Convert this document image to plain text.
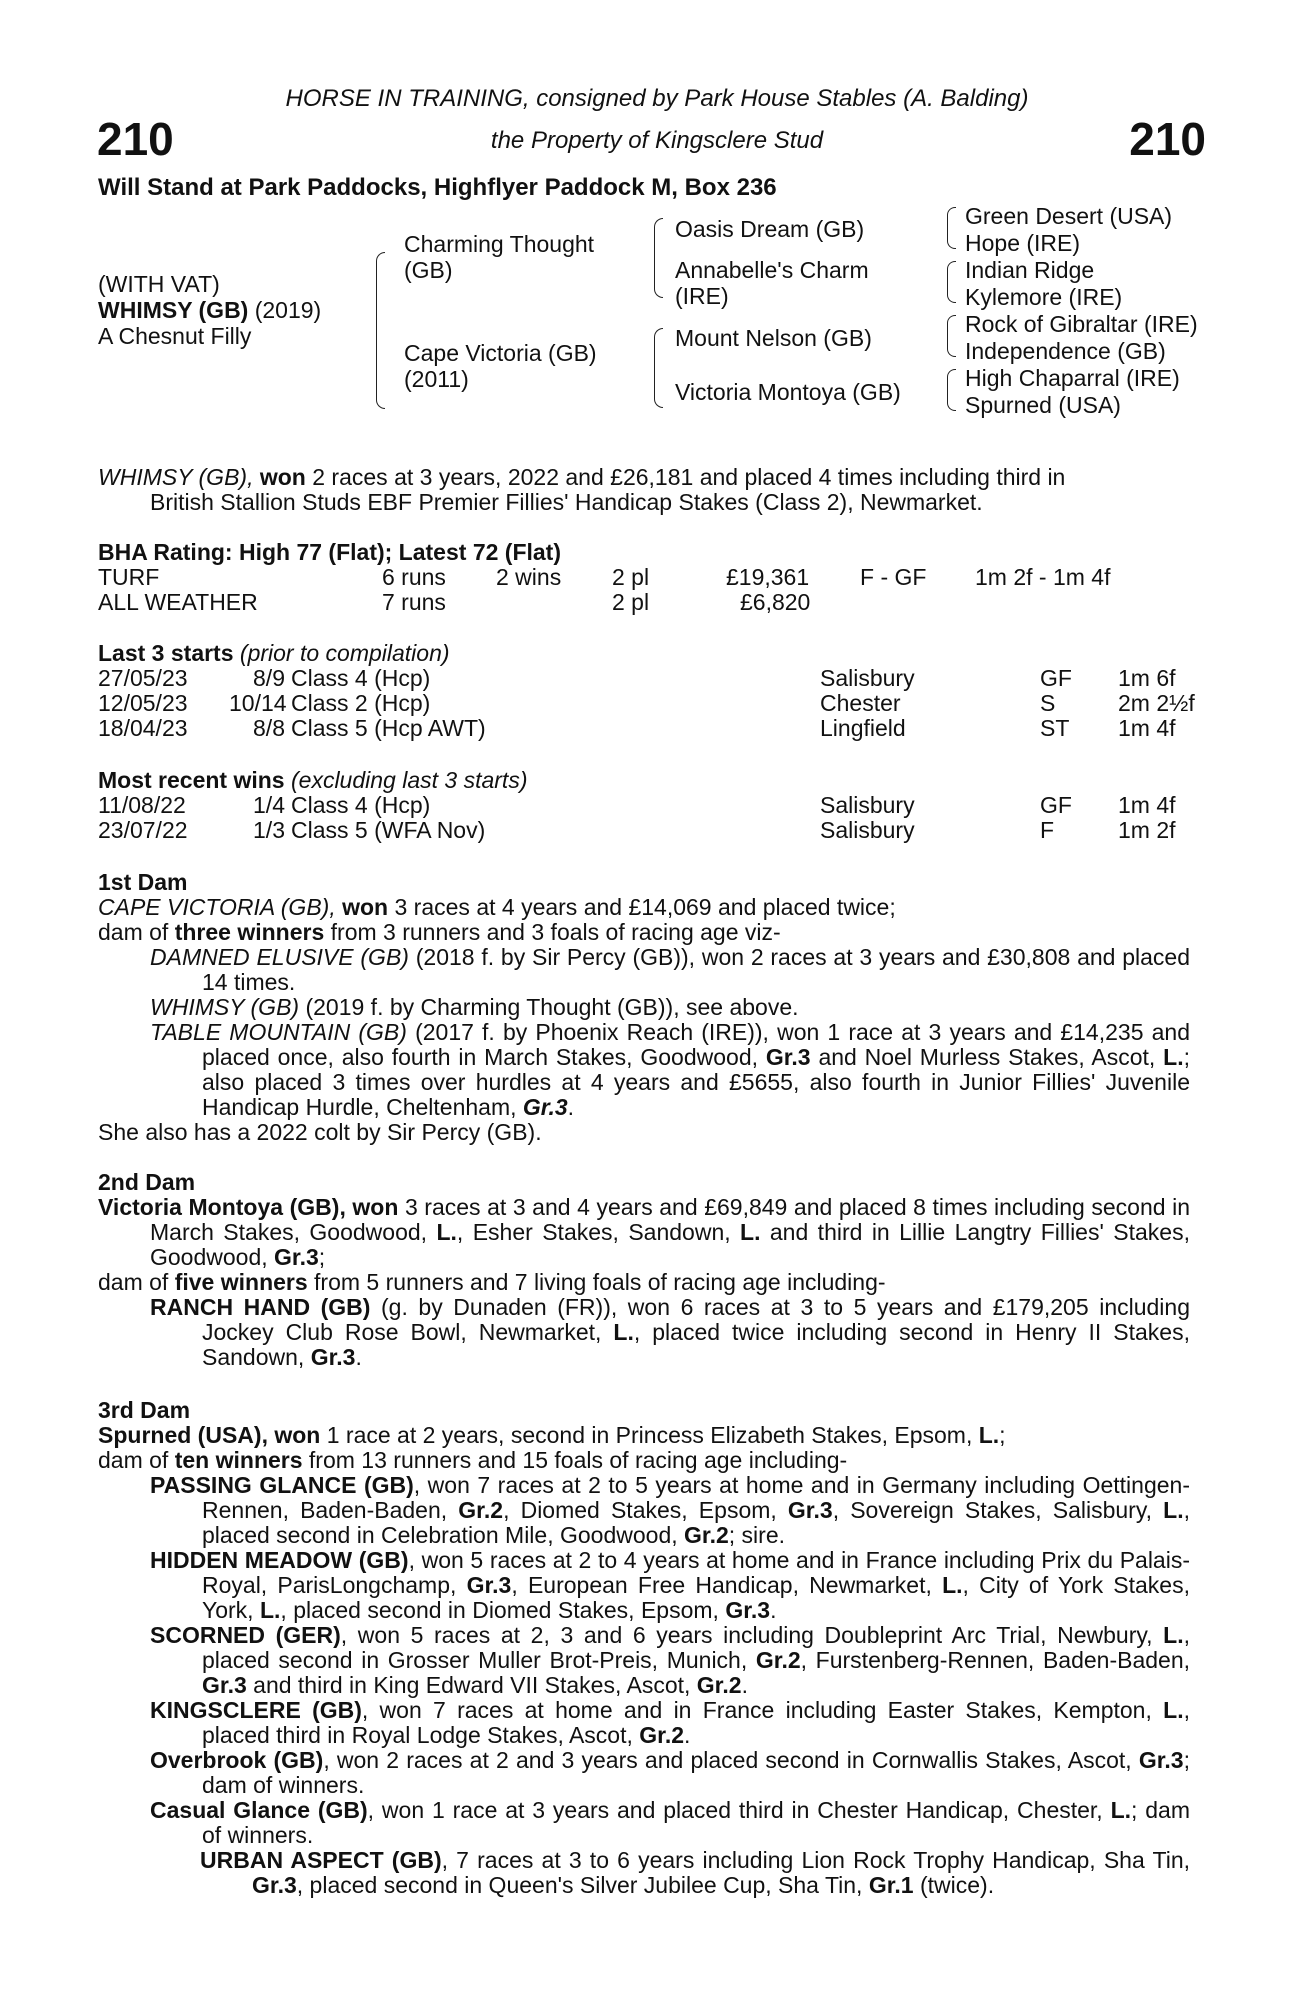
210	210
HORSE IN TRAINING, consigned by Park House Stables (A. Balding)
the Property of Kingsclere Stud
Will Stand at Park Paddocks, Highflyer Paddock M, Box 236
(WITH VAT)
WHIMSY (GB) (2019)
A Chesnut Filly
Charming Thought
(GB)
Cape Victoria (GB)
(2011)
Oasis Dream (GB)
Annabelle's Charm
(IRE)
Mount Nelson (GB)
Victoria Montoya (GB)
Green Desert (USA)
Hope (IRE)
Indian Ridge
Kylemore (IRE)
Rock of Gibraltar (IRE)
Independence (GB)
High Chaparral (IRE)
Spurned (USA)

WHIMSY (GB), won 2 races at 3 years, 2022 and £26,181 and placed 4 times including third in

British Stallion Studs EBF Premier Fillies' Handicap Stakes (Class 2), Newmarket.

BHA Rating: High 77 (Flat); Latest 72 (Flat)

TURF	6 runs 2 wins 2 pl	£19,361 F - GF 1m 2f - 1m 4f
ALL WEATHER	7 runs	2 pl	£6,820

Last 3 starts (prior to compilation)

27/05/23	8/9 Class 4 (Hcp)	Salisbury	GF 1m 6f
12/05/23 10/14 Class 2 (Hcp)	Chester	S	2m 2½f
18/04/23	8/8 Class 5 (Hcp AWT)	Lingfield	ST 1m 4f

Most recent wins (excluding last 3 starts)

11/08/22	1/4 Class 4 (Hcp)	Salisbury	GF 1m 4f
23/07/22	1/3 Class 5 (WFA Nov)	Salisbury	F	1m 2f

1st Dam

CAPE VICTORIA (GB), won 3 races at 4 years and £14,069 and placed twice;

dam of three winners from 3 runners and 3 foals of racing age viz-

DAMNED ELUSIVE (GB) (2018 f. by Sir Percy (GB)), won 2 races at 3 years and £30,808 and placed 14 times.

WHIMSY (GB) (2019 f. by Charming Thought (GB)), see above.

TABLE MOUNTAIN (GB) (2017 f. by Phoenix Reach (IRE)), won 1 race at 3 years and £14,235 and placed once, also fourth in March Stakes, Goodwood, Gr.3 and Noel Murless Stakes, Ascot, L.; also placed 3 times over hurdles at 4 years and £5655, also fourth in Junior Fillies' Juvenile Handicap Hurdle, Cheltenham, Gr.3.

She also has a 2022 colt by Sir Percy (GB).

2nd Dam

Victoria Montoya (GB), won 3 races at 3 and 4 years and £69,849 and placed 8 times including second in March Stakes, Goodwood, L., Esher Stakes, Sandown, L. and third in Lillie Langtry Fillies' Stakes, Goodwood, Gr.3;

dam of five winners from 5 runners and 7 living foals of racing age including-

RANCH HAND (GB) (g. by Dunaden (FR)), won 6 races at 3 to 5 years and £179,205 including Jockey Club Rose Bowl, Newmarket, L., placed twice including second in Henry II Stakes, Sandown, Gr.3.

3rd Dam

Spurned (USA), won 1 race at 2 years, second in Princess Elizabeth Stakes, Epsom, L.;

dam of ten winners from 13 runners and 15 foals of racing age including-

PASSING GLANCE (GB), won 7 races at 2 to 5 years at home and in Germany including Oettingen-Rennen, Baden-Baden, Gr.2, Diomed Stakes, Epsom, Gr.3, Sovereign Stakes, Salisbury, L., placed second in Celebration Mile, Goodwood, Gr.2; sire.

HIDDEN MEADOW (GB), won 5 races at 2 to 4 years at home and in France including Prix du Palais-Royal, ParisLongchamp, Gr.3, European Free Handicap, Newmarket, L., City of York Stakes, York, L., placed second in Diomed Stakes, Epsom, Gr.3.

SCORNED (GER), won 5 races at 2, 3 and 6 years including Doubleprint Arc Trial, Newbury, L., placed second in Grosser Muller Brot-Preis, Munich, Gr.2, Furstenberg-Rennen, Baden-Baden, Gr.3 and third in King Edward VII Stakes, Ascot, Gr.2.

KINGSCLERE (GB), won 7 races at home and in France including Easter Stakes, Kempton, L., placed third in Royal Lodge Stakes, Ascot, Gr.2.

Overbrook (GB), won 2 races at 2 and 3 years and placed second in Cornwallis Stakes, Ascot, Gr.3; dam of winners.

Casual Glance (GB), won 1 race at 3 years and placed third in Chester Handicap, Chester, L.; dam of winners.

URBAN ASPECT (GB), 7 races at 3 to 6 years including Lion Rock Trophy Handicap, Sha Tin, Gr.3, placed second in Queen's Silver Jubilee Cup, Sha Tin, Gr.1 (twice).
